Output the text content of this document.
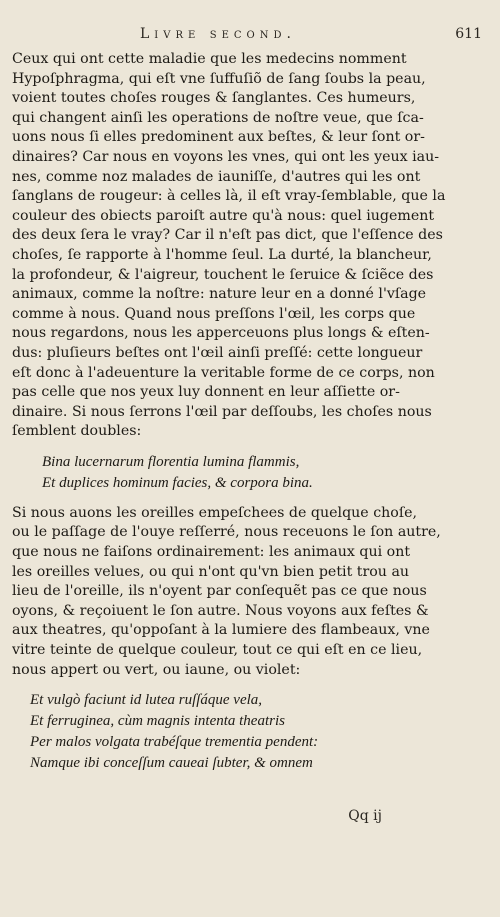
Livre second.	611

Ceux qui ont cette maladie que les medecins nomment
Hypoſphragma, qui eſt vne ſuffuſiõ de ſang ſoubs la peau,
voient toutes choſes rouges & ſanglantes. Ces humeurs,
qui changent ainſi les operations de noſtre veue, que ſca-
uons nous ſi elles predominent aux beſtes, & leur ſont or-
dinaires? Car nous en voyons les vnes, qui ont les yeux iau-
nes, comme noz malades de iauniſſe, d'autres qui les ont
ſanglans de rougeur: à celles là, il eſt vray-ſemblable, que la
couleur des obiects paroiſt autre qu'à nous: quel iugement
des deux ſera le vray? Car il n'eſt pas dict, que l'eſſence des
choſes, ſe rapporte à l'homme ſeul. La durté, la blancheur,
la profondeur, & l'aigreur, touchent le ſeruice & ſciẽce des
animaux, comme la noſtre: nature leur en a donné l'vſage
comme à nous. Quand nous preſſons l'œil, les corps que
nous regardons, nous les apperceuons plus longs & eſten-
dus: pluſieurs beſtes ont l'œil ainſi preſſé: cette longueur
eſt donc à l'adeuenture la veritable forme de ce corps, non
pas celle que nos yeux luy donnent en leur aſſiette or-
dinaire. Si nous ſerrons l'œil par deſſoubs, les choſes nous
ſemblent doubles:

Bina lucernarum florentia lumina flammis,
Et duplices hominum facies, & corpora bina.

Si nous auons les oreilles empeſchees de quelque choſe,
ou le paſſage de l'ouye reſſerré, nous receuons le ſon autre,
que nous ne faiſons ordinairement: les animaux qui ont
les oreilles velues, ou qui n'ont qu'vn bien petit trou au
lieu de l'oreille, ils n'oyent par conſequẽt pas ce que nous
oyons, & reçoiuent le ſon autre. Nous voyons aux feſtes &
aux theatres, qu'oppoſant à la lumiere des flambeaux, vne
vitre teinte de quelque couleur, tout ce qui eſt en ce lieu,
nous appert ou vert, ou iaune, ou violet:

Et vulgò faciunt id lutea ruſſáque vela,
Et ferruginea, cùm magnis intenta theatris
Per malos volgata trabéſque trementia pendent:
Namque ibi conceſſum caueai ſubter, & omnem
Qq ij
